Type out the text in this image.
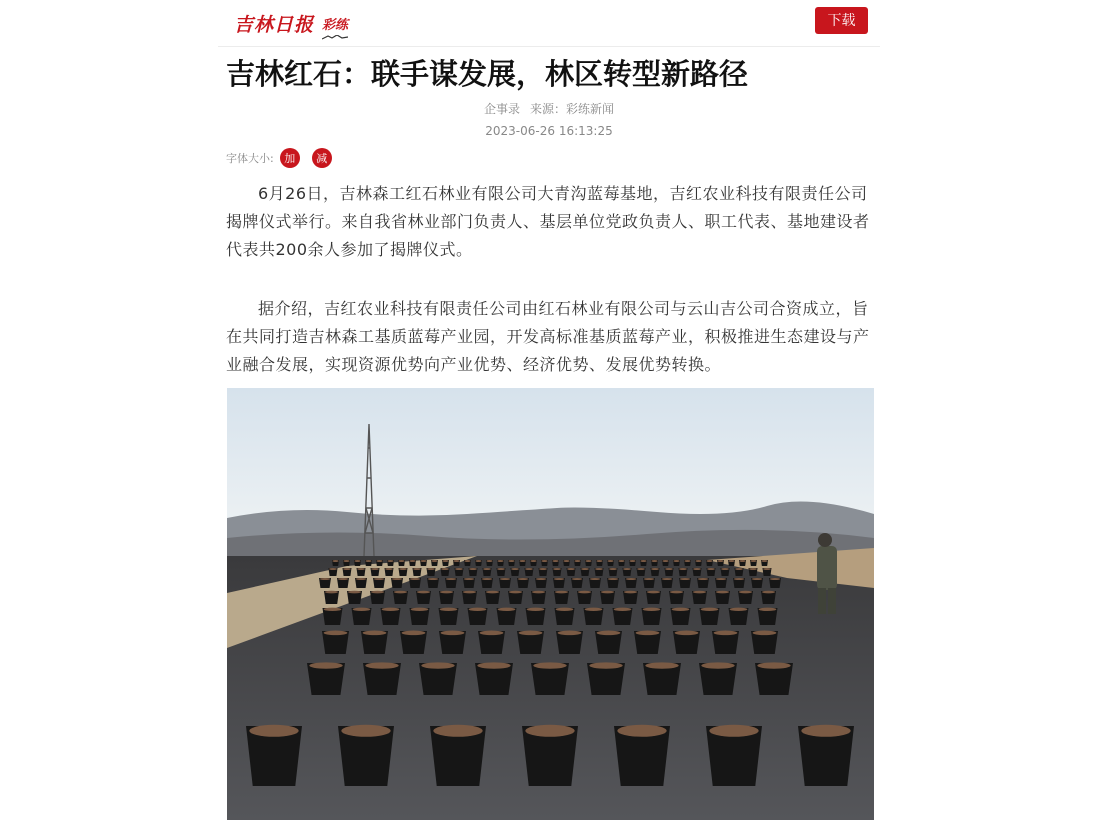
吉林日报 彩练	下载
吉林红石：联手谋发展，林区转型新路径
企事录 来源：彩练新闻
2023-06-26 16:13:25
字体大小: 加	减

6月26日，吉林森工红石林业有限公司大青沟蓝莓基地，吉红农业科技有限责任公司揭牌仪式举行。来自我省林业部门负责人、基层单位党政负责人、职工代表、基地建设者代表共200余人参加了揭牌仪式。

据介绍，吉红农业科技有限责任公司由红石林业有限公司与云山吉公司合资成立，旨在共同打造吉林森工基质蓝莓产业园，开发高标准基质蓝莓产业，积极推进生态建设与产业融合发展，实现资源优势向产业优势、经济优势、发展优势转换。
